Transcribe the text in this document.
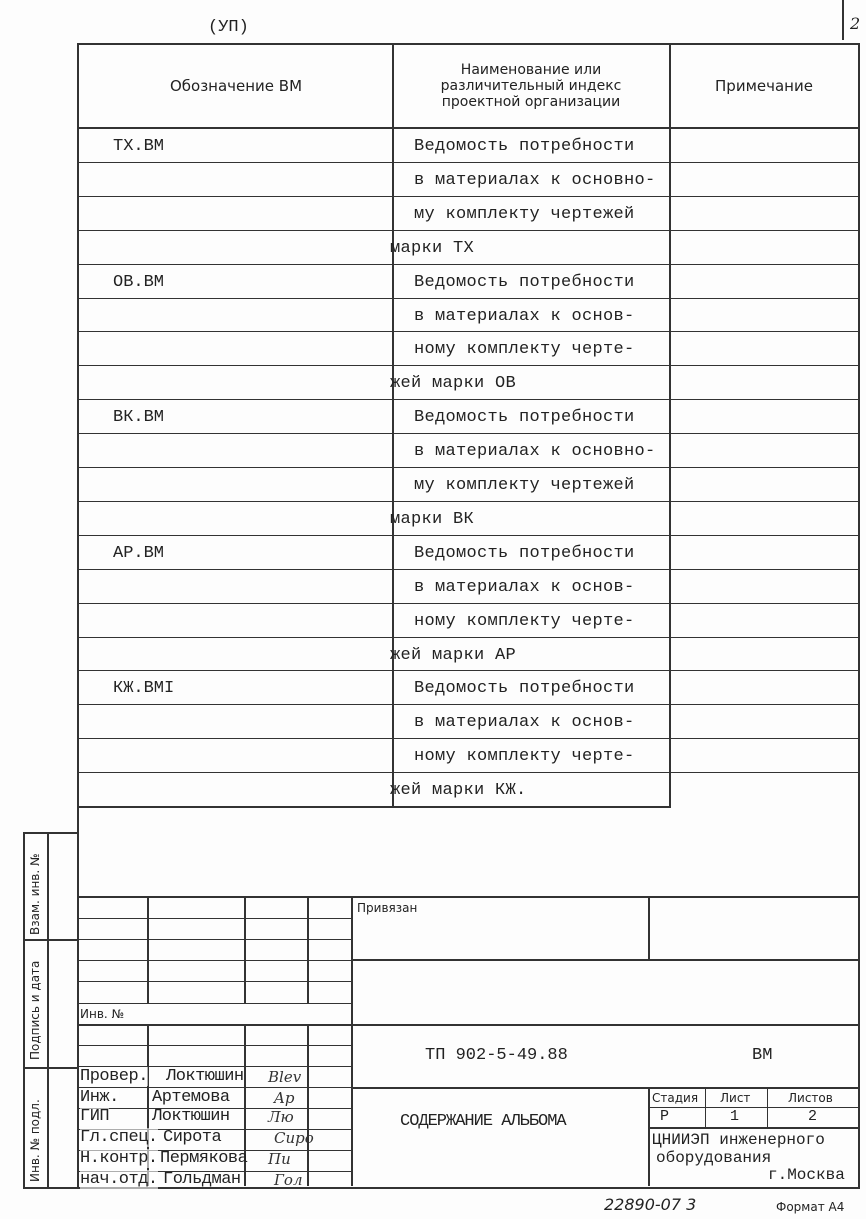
(УП)	2
Обозначение ВМ
Наименование или различительный индекс проектной организации
Примечание
ТХ.ВМ	Ведомость потребности
в материалах к основно-
му комплекту чертежей
марки ТХ
ОВ.ВМ	Ведомость потребности
в материалах к основ-
ному комплекту черте-
жей марки ОВ
ВК.ВМ	Ведомость потребности
в материалах к основно-
му комплекту чертежей
марки ВК
АР.ВМ	Ведомость потребности
в материалах к основ-
ному комплекту черте-
жей марки АР
КЖ.ВМI	Ведомость потребности
в материалах к основ-
ному комплекту черте-
жей марки КЖ.
Взам. инв. №
Подпись и дата
Инв. № подл.
Провер. Локтюшин Вlev
Инж. Артемова	Ap
ГИП	Локтюшин	Лю
Гл.спец. Сирота	Сиро
Н.контр. Пермякова Пи
нач.отд. Гольдман Гол
Привязан
Инв. №
ТП 902-5-49.88	ВМ
СОДЕРЖАНИЕ АЛЬБОМА
Стадия Лист	Листов
Р	1	2
ЦНИИЭП инженерного
оборудования
г.Москва
22890-07 3	Формат А4
